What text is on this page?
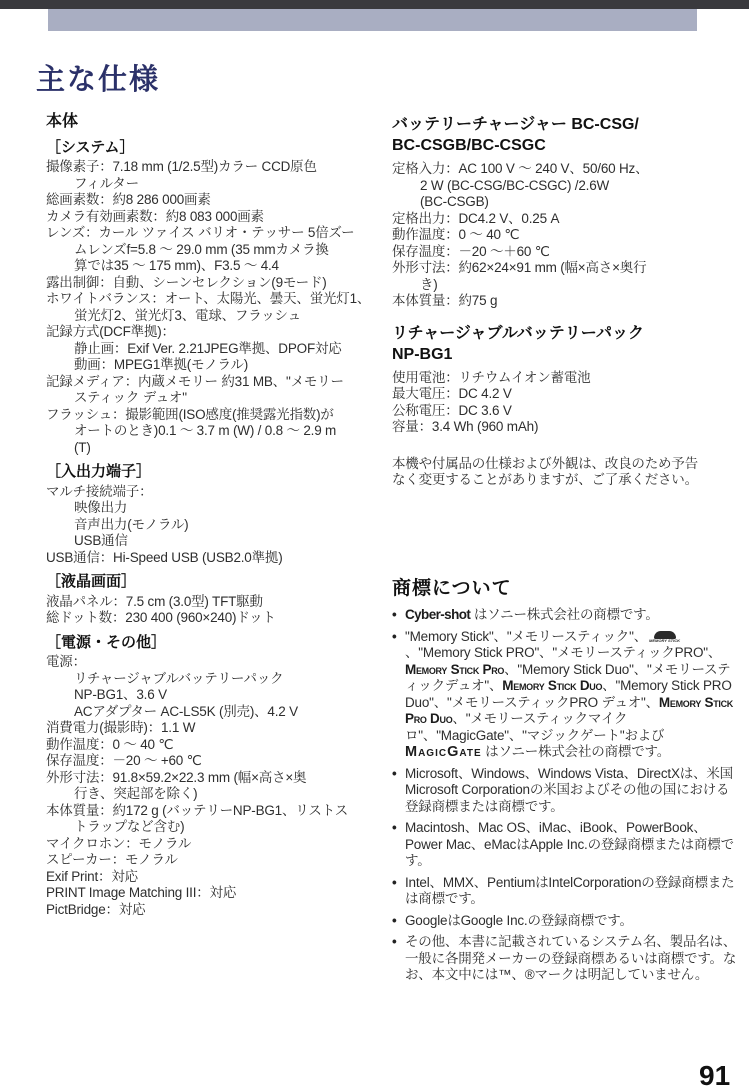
主な仕様
本体
［システム］
撮像素子：7.18 mm (1/2.5型)カラー CCD原色
フィルター
総画素数：約8 286 000画素
カメラ有効画素数：約8 083 000画素
レンズ：カール ツァイス バリオ・テッサー 5倍ズー
ムレンズf=5.8 ～ 29.0 mm (35 mmカメラ換
算では35 ～ 175 mm)、F3.5 ～ 4.4
露出制御：自動、シーンセレクション(9モード)
ホワイトバランス：オート、太陽光、曇天、蛍光灯1、
蛍光灯2、蛍光灯3、電球、フラッシュ
記録方式(DCF準拠)：
静止画：Exif Ver. 2.21JPEG準拠、DPOF対応
動画：MPEG1準拠(モノラル)
記録メディア：内蔵メモリー 約31 MB、"メモリー
スティック デュオ"
フラッシュ：撮影範囲(ISO感度(推奨露光指数)が
オートのとき)0.1 ～ 3.7 m (W) / 0.8 ～ 2.9 m
(T)
［入出力端子］
マルチ接続端子：
映像出力
音声出力(モノラル)
USB通信
USB通信：Hi-Speed USB (USB2.0準拠)
［液晶画面］
液晶パネル：7.5 cm (3.0型) TFT駆動
総ドット数：230 400 (960×240)ドット
［電源・その他］
電源：
リチャージャブルバッテリーパック
NP-BG1、3.6 V
ACアダプター AC-LS5K (別売)、4.2 V
消費電力(撮影時)：1.1 W
動作温度：0 ～ 40 ℃
保存温度：－20 ～ +60 ℃
外形寸法：91.8×59.2×22.3 mm (幅×高さ×奥
行き、突起部を除く)
本体質量：約172 g (バッテリーNP-BG1、リストス
トラップなど含む)
マイクロホン：モノラル
スピーカー：モノラル
Exif Print：対応
PRINT Image Matching III：対応
PictBridge：対応
バッテリーチャージャー BC-CSG/
BC-CSGB/BC-CSGC
定格入力：AC 100 V ～ 240 V、50/60 Hz、
2 W (BC-CSG/BC-CSGC) /2.6W
(BC-CSGB)
定格出力：DC4.2 V、0.25 A
動作温度：0 ～ 40 ℃
保存温度：－20 ～＋60 ℃
外形寸法：約62×24×91 mm (幅×高さ×奥行
き)
本体質量：約75 g
リチャージャブルバッテリーパック
NP-BG1
使用電池：リチウムイオン蓄電池
最大電圧：DC 4.2 V
公称電圧：DC 3.6 V
容量：3.4 Wh (960 mAh)
本機や付属品の仕様および外観は、改良のため予告
なく変更することがありますが、ご了承ください。
商標について
• Cyber-shot はソニー株式会社の商標です。
• "Memory Stick"、"メモリースティック"、 MEMORY STICK
、"Memory Stick PRO"、"メモリースティックPRO"、Memory Stick Pro、"Memory Stick Duo"、"メモリースティックデュオ"、Memory Stick Duo、"Memory Stick PRO Duo"、"メモリースティックPRO デュオ"、Memory Stick Pro Duo、"メモリースティックマイクロ"、"MagicGate"、"マジックゲート"および MagicGate はソニー株式会社の商標です。
• Microsoft、Windows、Windows Vista、DirectXは、米国Microsoft Corporationの米国およびその他の国における登録商標または商標です。
• Macintosh、Mac OS、iMac、iBook、PowerBook、Power Mac、eMacはApple Inc.の登録商標または商標です。
• Intel、MMX、PentiumはIntelCorporationの登録商標または商標です。
• GoogleはGoogle Inc.の登録商標です。
• その他、本書に記載されているシステム名、製品名は、一般に各開発メーカーの登録商標あるいは商標です。なお、本文中には™、®マークは明記していません。
91
